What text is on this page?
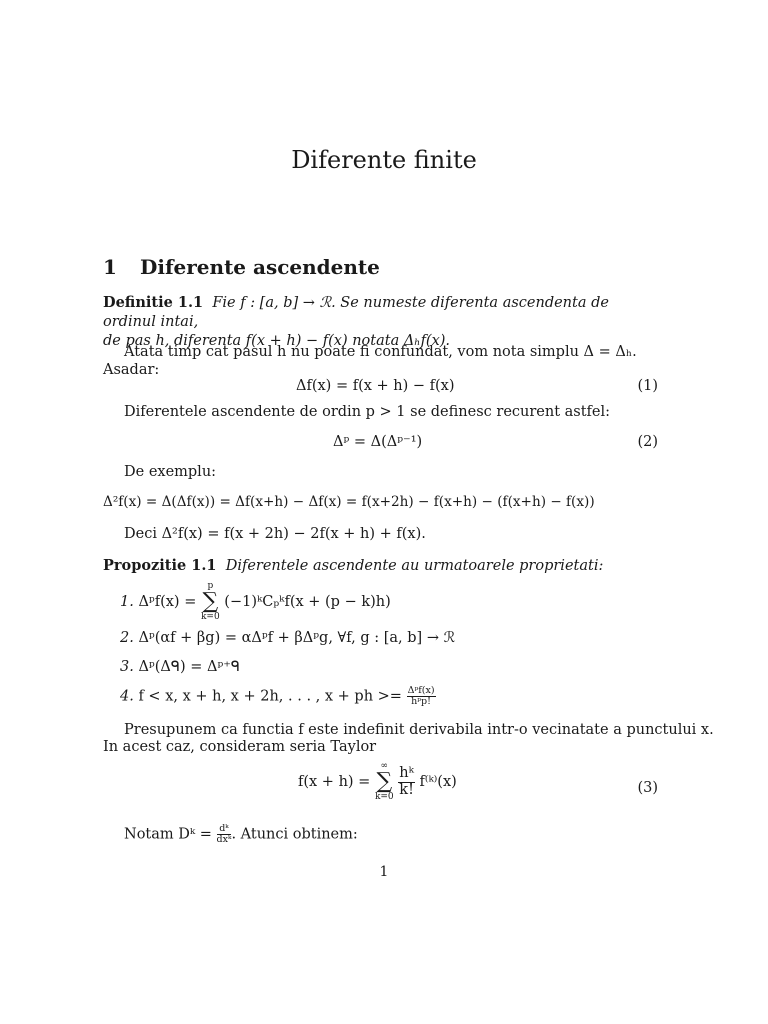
Diferente finite
1 Diferente ascendente
Definitie 1.1 Fie f : [a, b] → ℛ. Se numeste diferenta ascendenta de ordinul intai,
de pas h, diferenta f(x + h) − f(x) notata Δₕf(x).
Atata timp cat pasul h nu poate fi confundat, vom nota simplu Δ = Δₕ.
Asadar:
Δf(x) = f(x + h) − f(x)	(1)
Diferentele ascendente de ordin p > 1 se definesc recurent astfel:
Δᵖ = Δ(Δᵖ⁻¹)	(2)
De exemplu:
Δ²f(x) = Δ(Δf(x)) = Δf(x+h) − Δf(x) = f(x+2h) − f(x+h) − (f(x+h) − f(x))
Deci Δ²f(x) = f(x + 2h) − 2f(x + h) + f(x).
Propozitie 1.1 Diferentele ascendente au urmatoarele proprietati:
1. Δᵖf(x) =
p
∑
k=0
(−1)ᵏCₚᵏf(x + (p − k)h)
2. Δᵖ(αf + βg) = αΔᵖf + βΔᵖg, ∀f, g : [a, b] → ℛ
3. Δᵖ(Δᑫ) = Δᵖ⁺ᑫ
4. f < x, x + h, x + 2h, . . . , x + ph >= $\frac{\text{Δᵖf(x)}}{\text{hᵖp!}}$
Presupunem ca functia f este indefinit derivabila intr-o vecinatate a punctului x.
In acest caz, consideram seria Taylor
f(x + h) =
∞
∑
k=0
$\frac{\text{hᵏ}}{k!}$ f⁽ᵏ⁾(x)	(3)
Notam Dᵏ = $\frac{\text{dᵏ}}{\text{dxᵏ}}$ . Atunci obtinem:
1
